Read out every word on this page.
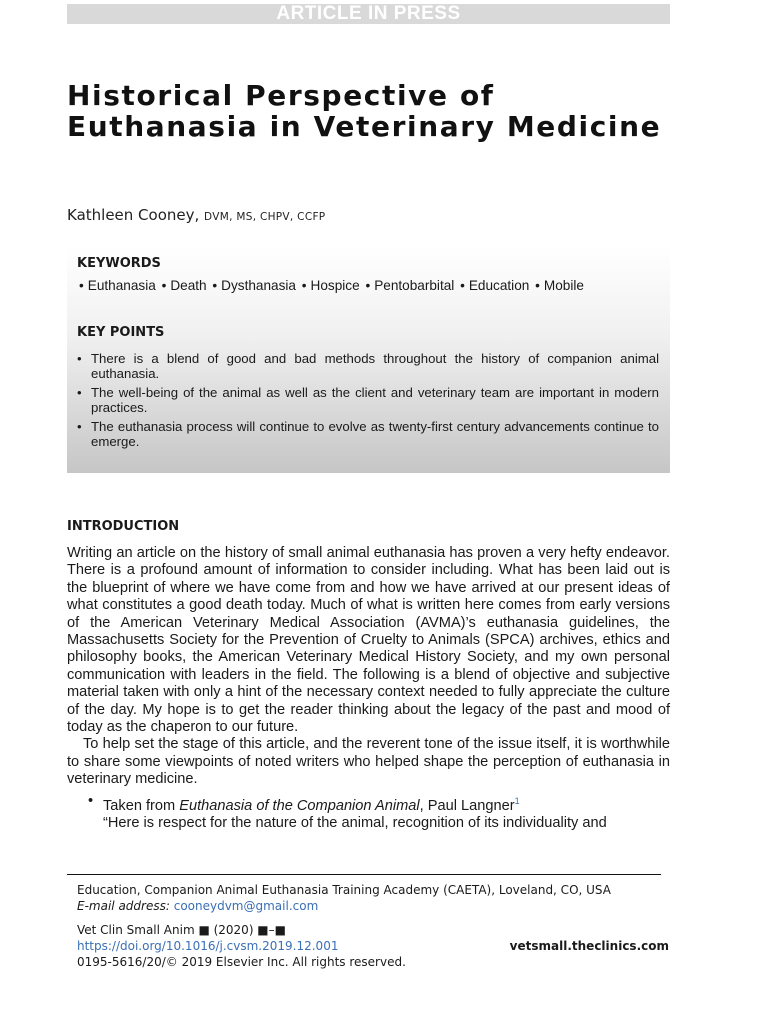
ARTICLE IN PRESS
Historical Perspective of Euthanasia in Veterinary Medicine
Kathleen Cooney, DVM, MS, CHPV, CCFP
KEYWORDS
• Euthanasia • Death • Dysthanasia • Hospice • Pentobarbital • Education • Mobile
KEY POINTS
• There is a blend of good and bad methods throughout the history of companion animal euthanasia.
• The well-being of the animal as well as the client and veterinary team are important in modern practices.
• The euthanasia process will continue to evolve as twenty-first century advancements continue to emerge.
INTRODUCTION

Writing an article on the history of small animal euthanasia has proven a very hefty endeavor. There is a profound amount of information to consider including. What has been laid out is the blueprint of where we have come from and how we have arrived at our present ideas of what constitutes a good death today. Much of what is written here comes from early versions of the American Veterinary Medical Association (AVMA)’s euthanasia guidelines, the Massachusetts Society for the Prevention of Cruelty to Animals (SPCA) archives, ethics and philosophy books, the American Veterinary Medical History Society, and my own personal communication with leaders in the field. The following is a blend of objective and subjective material taken with only a hint of the necessary context needed to fully appreciate the culture of the day. My hope is to get the reader thinking about the legacy of the past and mood of today as the chaperon to our future.

To help set the stage of this article, and the reverent tone of the issue itself, it is worthwhile to share some viewpoints of noted writers who helped shape the perception of euthanasia in veterinary medicine.

• Taken from Euthanasia of the Companion Animal, Paul Langner$^1$
“Here is respect for the nature of the animal, recognition of its individuality and
Education, Companion Animal Euthanasia Training Academy (CAETA), Loveland, CO, USA
E-mail address: cooneydvm@gmail.com
Vet Clin Small Anim ■ (2020) ■–■
https://doi.org/10.1016/j.cvsm.2019.12.001
0195-5616/20/© 2019 Elsevier Inc. All rights reserved.
vetsmall.theclinics.com
